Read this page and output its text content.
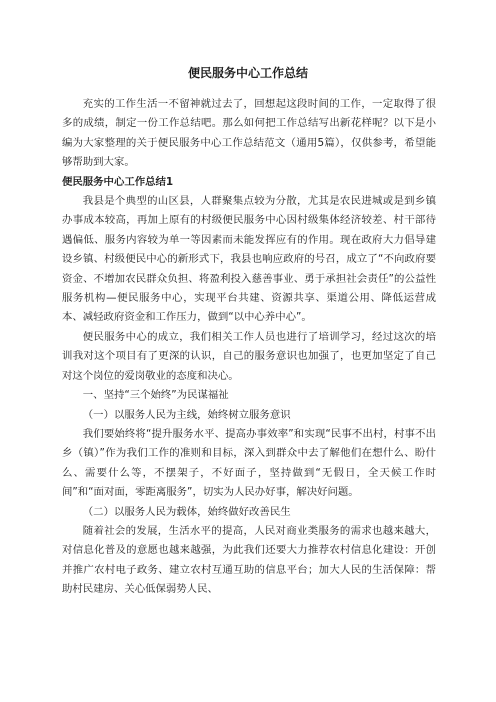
便民服务中心工作总结
充实的工作生活一不留神就过去了，回想起这段时间的工作，一定取得了很多的成绩，制定一份工作总结吧。那么如何把工作总结写出新花样呢？以下是小编为大家整理的关于便民服务中心工作总结范文（通用5篇），仅供参考，希望能够帮助到大家。
便民服务中心工作总结1
我县是个典型的山区县，人群聚集点较为分散，尤其是农民进城或是到乡镇办事成本较高，再加上原有的村级便民服务中心因村级集体经济较差、村干部待遇偏低、服务内容较为单一等因素而未能发挥应有的作用。现在政府大力倡导建设乡镇、村级便民中心的新形式下，我县也响应政府的号召，成立了“不向政府要资金、不增加农民群众负担、将盈利投入慈善事业、勇于承担社会责任”的公益性服务机构—便民服务中心，实现平台共建、资源共享、渠道公用、降低运营成本、减轻政府资金和工作压力，做到“以中心养中心”。
便民服务中心的成立，我们相关工作人员也进行了培训学习，经过这次的培训我对这个项目有了更深的认识，自己的服务意识也加强了，也更加坚定了自己对这个岗位的爱岗敬业的态度和决心。
一、坚持“三个始终”为民谋福祉
（一）以服务人民为主线，始终树立服务意识
我们要始终将“提升服务水平、提高办事效率”和实现“民事不出村，村事不出乡（镇）”作为我们工作的准则和目标，深入到群众中去了解他们在想什么、盼什么、需要什么等，不摆架子，不好面子，坚持做到“无假日，全天候工作时间”和“面对面，零距离服务”，切实为人民办好事，解决好问题。
（二）以服务人民为载体，始终做好改善民生
随着社会的发展，生活水平的提高，人民对商业类服务的需求也越来越大，对信息化普及的意愿也越来越强，为此我们还要大力推荐农村信息化建设：开创并推广农村电子政务、建立农村互通互助的信息平台；加大人民的生活保障：帮助村民建房、关心低保弱势人民、
